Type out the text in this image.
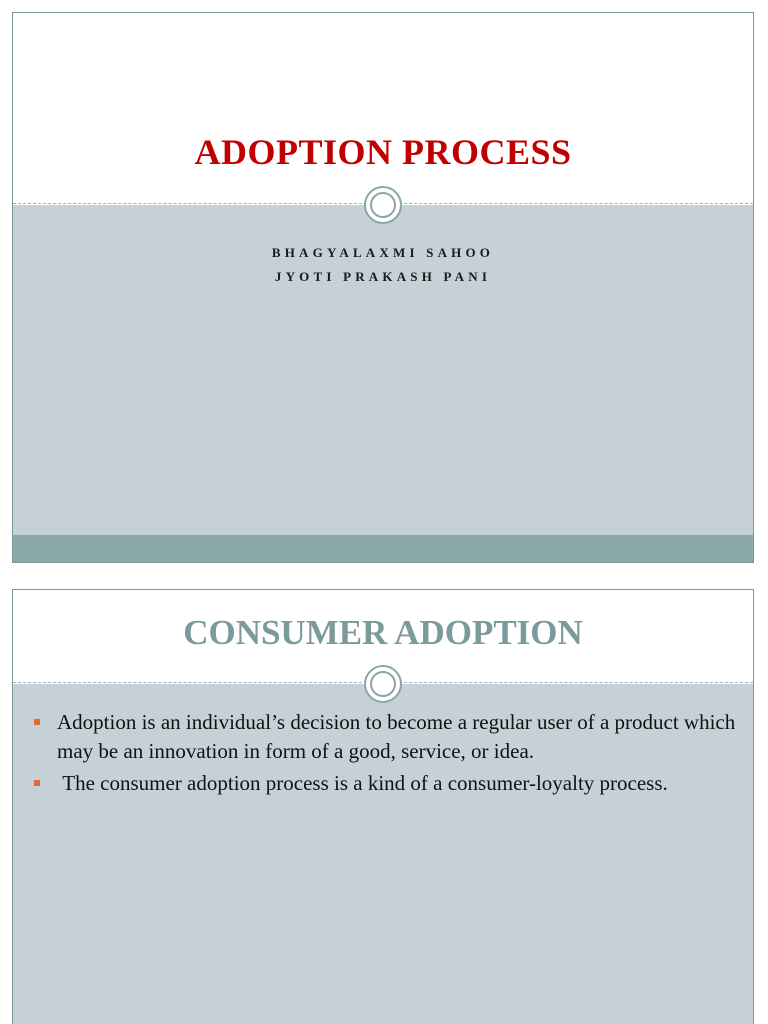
ADOPTION PROCESS
BHAGYALAXMI SAHOO
JYOTI PRAKASH PANI
CONSUMER ADOPTION
Adoption is an individual’s decision to become a regular user of a product which may be an innovation in form of a good, service, or idea.
The consumer adoption process is a kind of a consumer-loyalty process.
